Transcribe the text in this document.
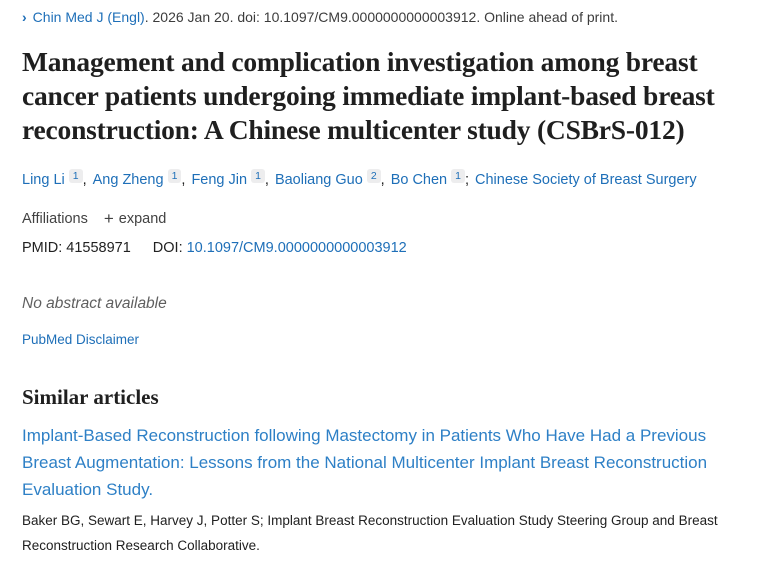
› Chin Med J (Engl). 2026 Jan 20. doi: 10.1097/CM9.0000000000003912. Online ahead of print.
Management and complication investigation among breast cancer patients undergoing immediate implant-based breast reconstruction: A Chinese multicenter study (CSBrS-012)
Ling Li $^1$ , Ang Zheng $^1$ , Feng Jin $^1$ , Baoliang Guo $^2$ , Bo Chen $^1$ ; Chinese Society of Breast Surgery
Affiliations + expand
PMID: 41558971 DOI: 10.1097/CM9.0000000000003912

No abstract available

PubMed Disclaimer
Similar articles
Implant-Based Reconstruction following Mastectomy in Patients Who Have Had a Previous Breast Augmentation: Lessons from the National Multicenter Implant Breast Reconstruction Evaluation Study.

Baker BG, Sewart E, Harvey J, Potter S; Implant Breast Reconstruction Evaluation Study Steering Group and Breast Reconstruction Research Collaborative.
